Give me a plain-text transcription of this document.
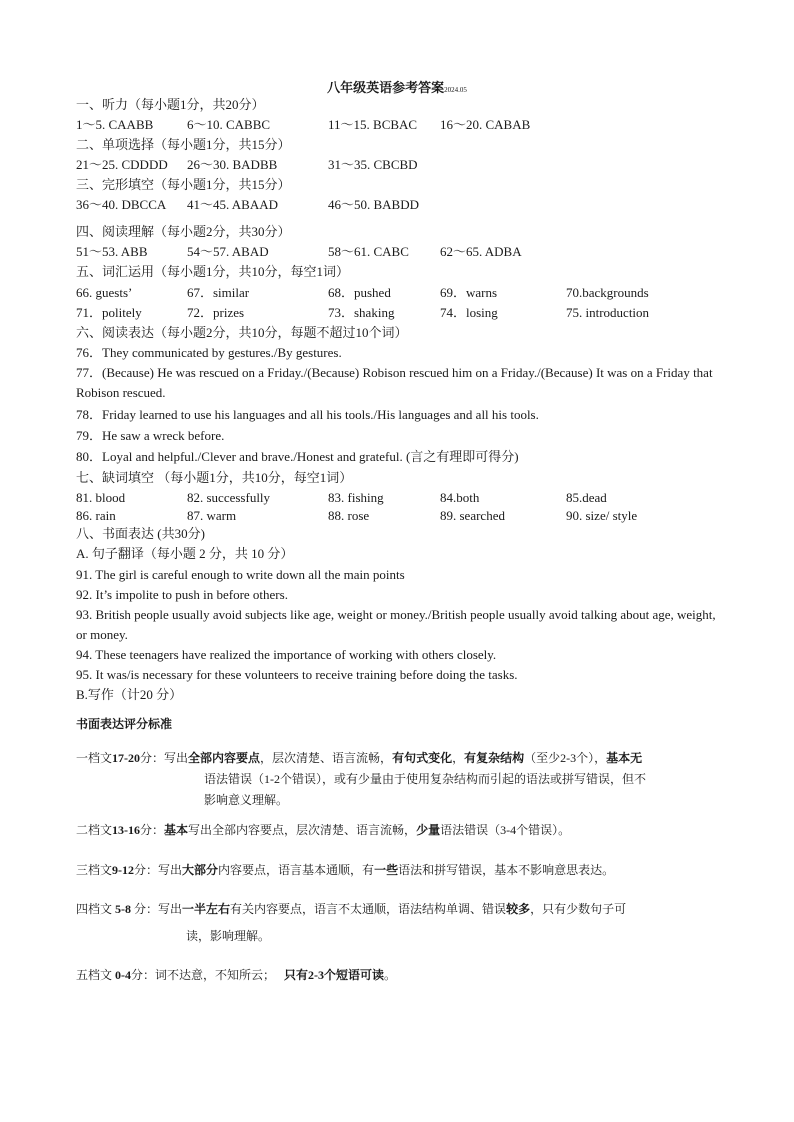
八年级英语参考答案2024.05
一、听力（每小题1分，共20分）
1～5. CAABB	6～10. CABBC	11～15. BCBAC 16～20. CABAB
二、单项选择（每小题1分，共15分）
21～25. CDDDD 26～30. BADBB	31～35. CBCBD
三、完形填空（每小题1分，共15分）
36～40. DBCCA 41～45. ABAAD	46～50. BABDD
四、阅读理解（每小题2分，共30分）
51～53. ABB	54～57. ABAD	58～61. CABC 62～65. ADBA
五、词汇运用（每小题1分，共10分，每空1词）
66. guests’	67．similar	68．pushed	69．warns	70.backgrounds
71．politely	72．prizes	73．shaking	74．losing	75. introduction
六、阅读表达（每小题2分，共10分，每题不超过10个词）
76．They communicated by gestures./By gestures.
77．(Because) He was rescued on a Friday./(Because) Robison rescued him on a Friday./(Because) It was on a Friday that Robison rescued.
78．Friday learned to use his languages and all his tools./His languages and all his tools.
79．He saw a wreck before.
80．Loyal and helpful./Clever and brave./Honest and grateful. (言之有理即可得分)
七、缺词填空 （每小题1分，共10分，每空1词）
81. blood	82. successfully	83. fishing	84.both	85.dead
86. rain	87. warm	88. rose	89. searched	90. size/ style
八、书面表达 (共30分)
A. 句子翻译（每小题 2 分，共 10 分）
91. The girl is careful enough to write down all the main points
92. It’s impolite to push in before others.
93. British people usually avoid subjects like age, weight or money./British people usually avoid talking about age, weight, or money.
94. These teenagers have realized the importance of working with others closely.
95. It was/is necessary for these volunteers to receive training before doing the tasks.
B.写作（计20 分）
书面表达评分标准
一档文17-20分：写出全部内容要点，层次清楚、语言流畅，有句式变化，有复杂结构（至少2-3个），基本无
语法错误（1-2个错误），或有少量由于使用复杂结构而引起的语法或拼写错误，但不
影响意义理解。
二档文13-16分：基本写出全部内容要点，层次清楚、语言流畅，少量语法错误（3-4个错误）。
三档文9-12分：写出大部分内容要点，语言基本通顺，有一些语法和拼写错误，基本不影响意思表达。
四档文 5-8 分：写出一半左右有关内容要点，语言不太通顺，语法结构单调、错误较多，只有少数句子可
读，影响理解。
五档文 0-4分：词不达意，不知所云；   只有2-3个短语可读。
